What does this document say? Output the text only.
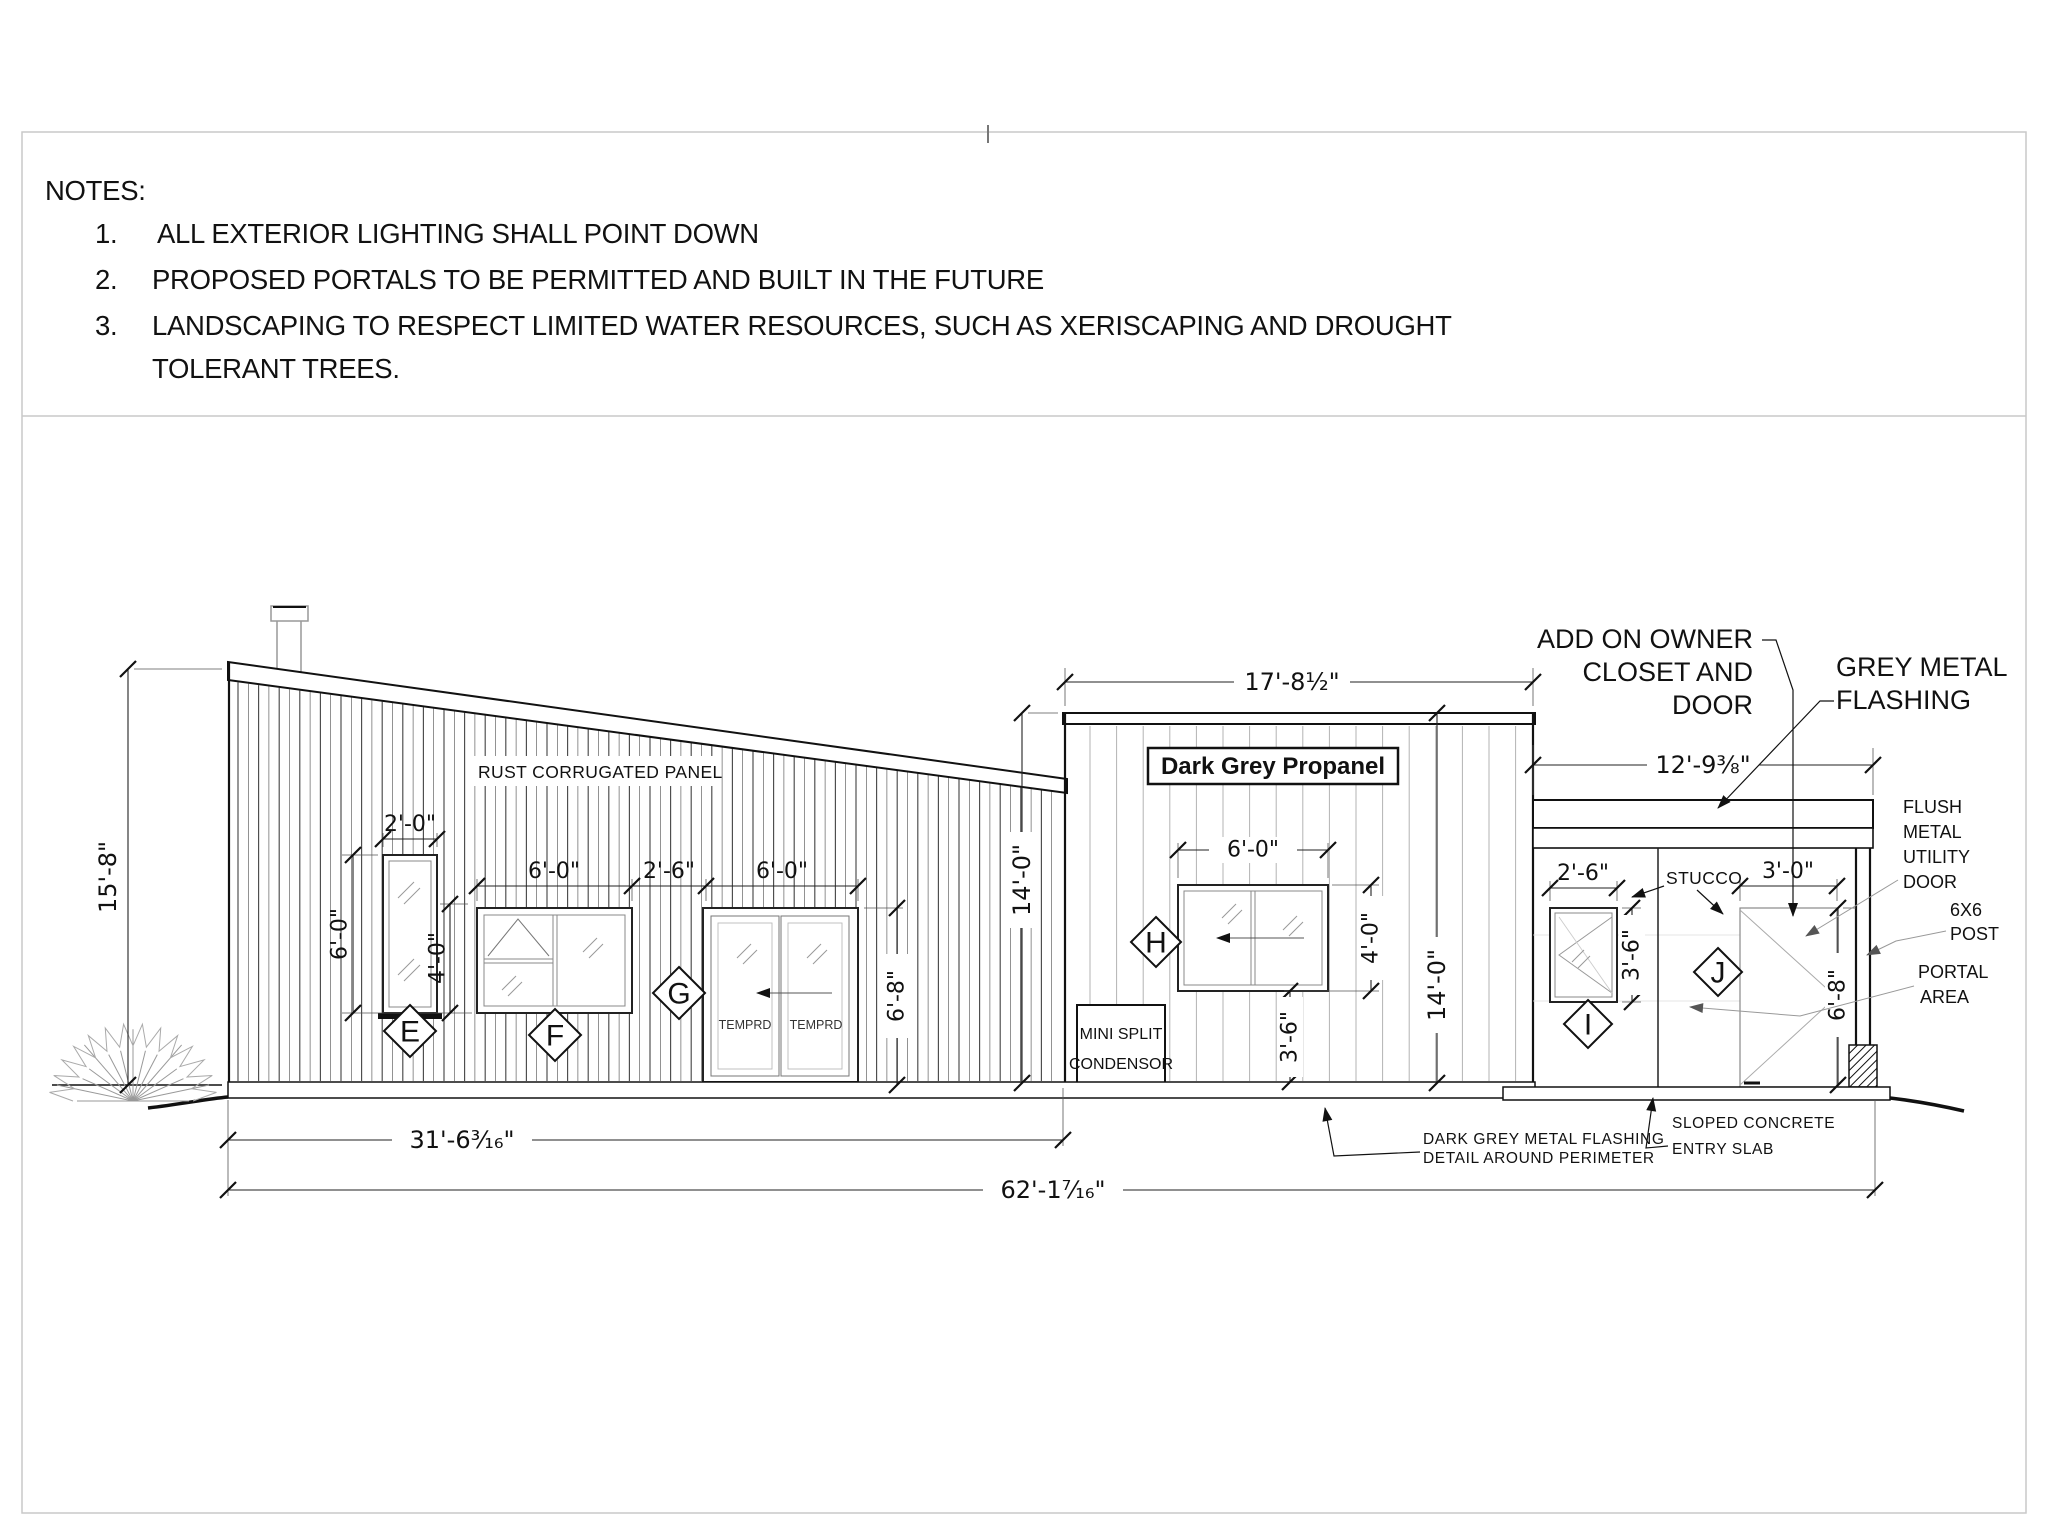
NOTES:
1. ALL EXTERIOR LIGHTING SHALL POINT DOWN
2. PROPOSED PORTALS TO BE PERMITTED AND BUILT IN THE FUTURE
3. LANDSCAPING TO RESPECT LIMITED WATER RESOURCES, SUCH AS XERISCAPING AND DROUGHT
TOLERANT TREES.
RUST CORRUGATED PANEL
TEMPRD TEMPRD
Dark Grey Propanel
MINI SPLIT
CONDENSOR
15'-8"
2'-0"
6'-0"	4'-0"
6'-0"	2'-6"	6'-0"
6'-8"
14'-0"
17'-8½"
6'-0"
4'-0"
3'-6"
14'-0"
12'-9⅜"
2'-6"
3'-6"
3'-0"
6'-8"
31'-6³⁄₁₆"
62'-1⁷⁄₁₆"
ADD ON OWNER
CLOSET AND
DOOR
GREY METAL
FLASHING
FLUSH
METAL
UTILITY
DOOR
6X6
POST
PORTAL
AREA
SLOPED CONCRETE
ENTRY SLAB
DARK GREY METAL FLASHING
DETAIL AROUND PERIMETER
STUCCO
E	F
G
H
I
J
